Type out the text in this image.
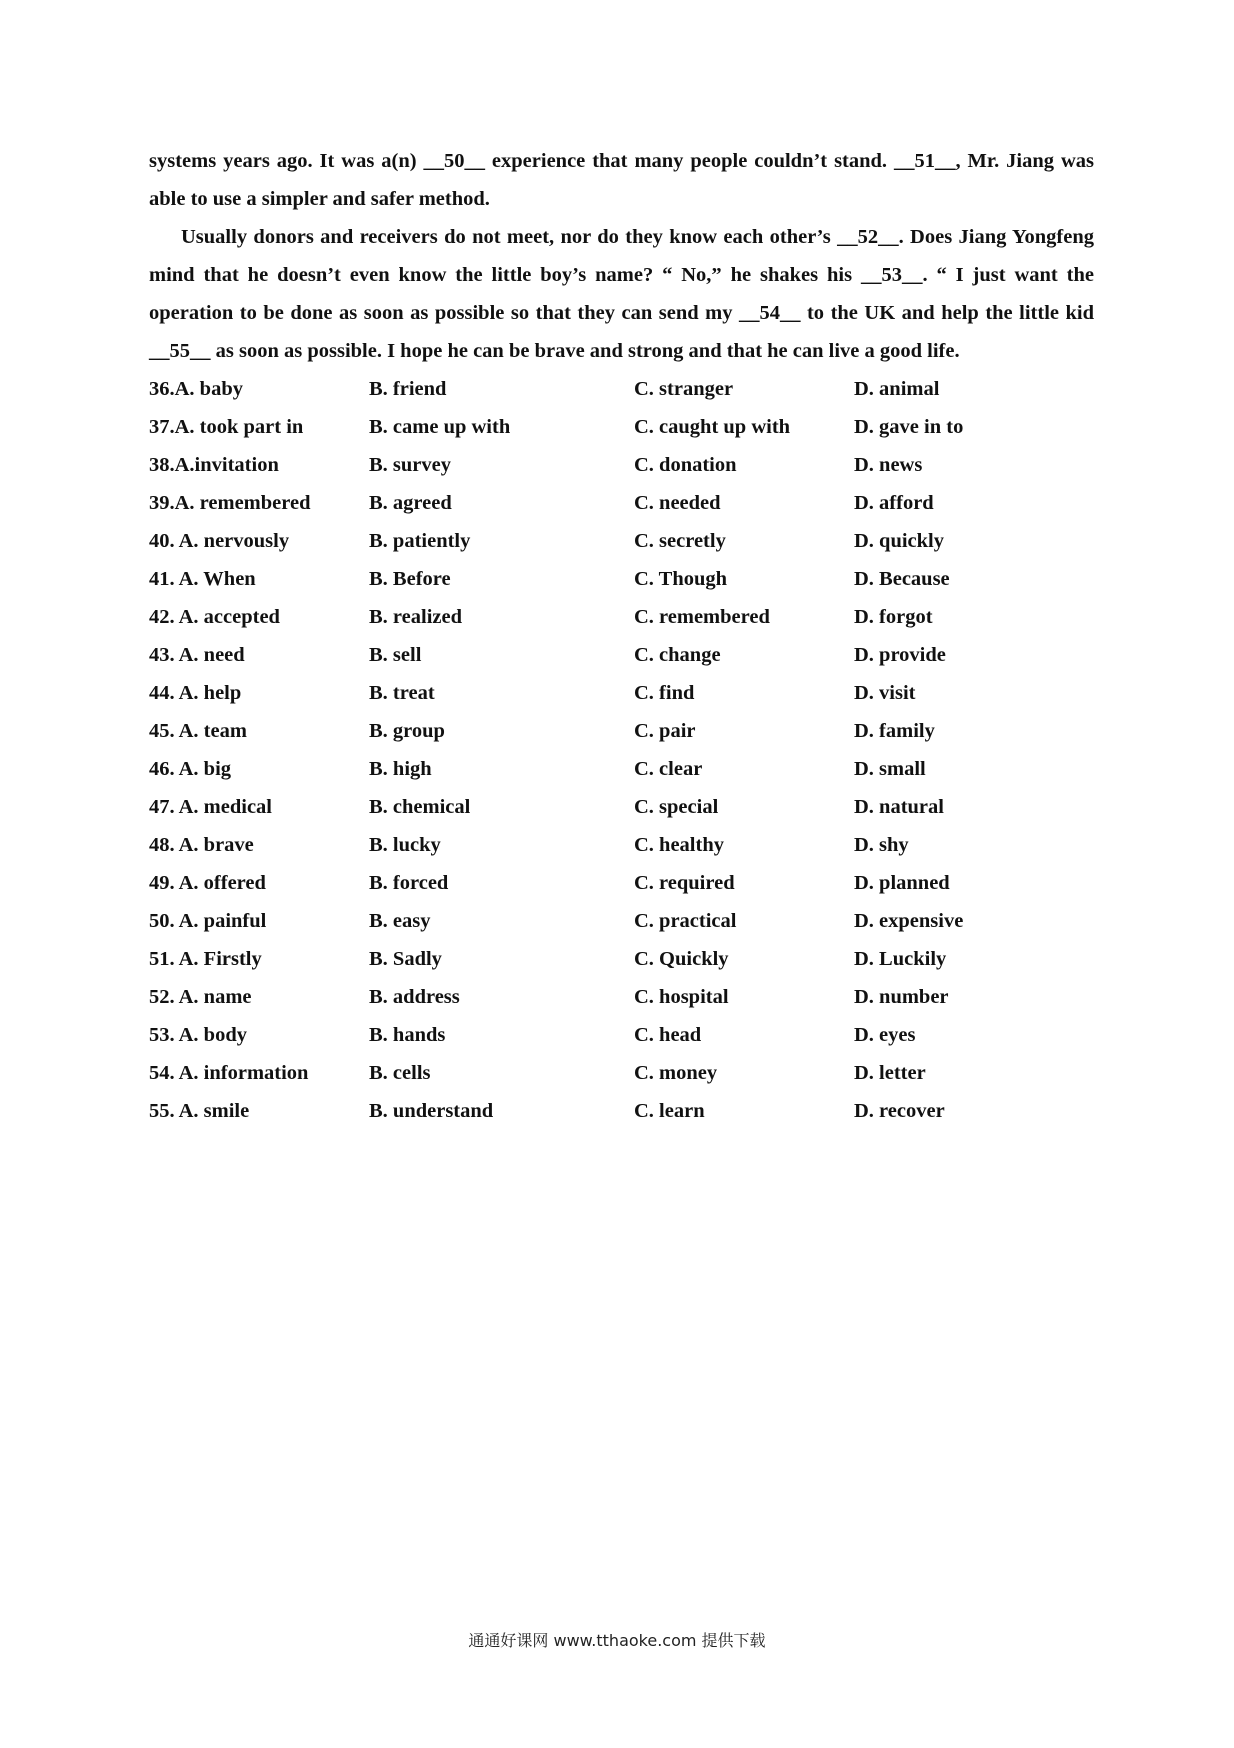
systems years ago. It was a(n) __50__ experience that many people couldn’t stand. __51__, Mr. Jiang was able to use a simpler and safer method.

Usually donors and receivers do not meet, nor do they know each other’s __52__. Does Jiang Yongfeng mind that he doesn’t even know the little boy’s name? “ No,” he shakes his __53__. “ I just want the operation to be done as soon as possible so that they can send my __54__ to the UK and help the little kid __55__ as soon as possible. I hope he can be brave and strong and that he can live a good life.

36.A. baby	B. friend	C. stranger	D. animal
37.A. took part in	B. came up with	C. caught up with	D. gave in to
38.A.invitation	B. survey	C. donation	D. news
39.A. remembered	B. agreed	C. needed	D. afford
40. A. nervously	B. patiently	C. secretly	D. quickly
41. A. When	B. Before	C. Though	D. Because
42. A. accepted	B. realized	C. remembered	D. forgot
43. A. need	B. sell	C. change	D. provide
44. A. help	B. treat	C. find	D. visit
45. A. team	B. group	C. pair	D. family
46. A. big	B. high	C. clear	D. small
47. A. medical	B. chemical	C. special	D. natural
48. A. brave	B. lucky	C. healthy	D. shy
49. A. offered	B. forced	C. required	D. planned
50. A. painful	B. easy	C. practical	D. expensive
51. A. Firstly	B. Sadly	C. Quickly	D. Luckily
52. A. name	B. address	C. hospital	D. number
53. A. body	B. hands	C. head	D. eyes
54. A. information	B. cells	C. money	D. letter
55. A. smile	B. understand	C. learn	D. recover
通通好课网 www.tthaoke.com 提供下载
